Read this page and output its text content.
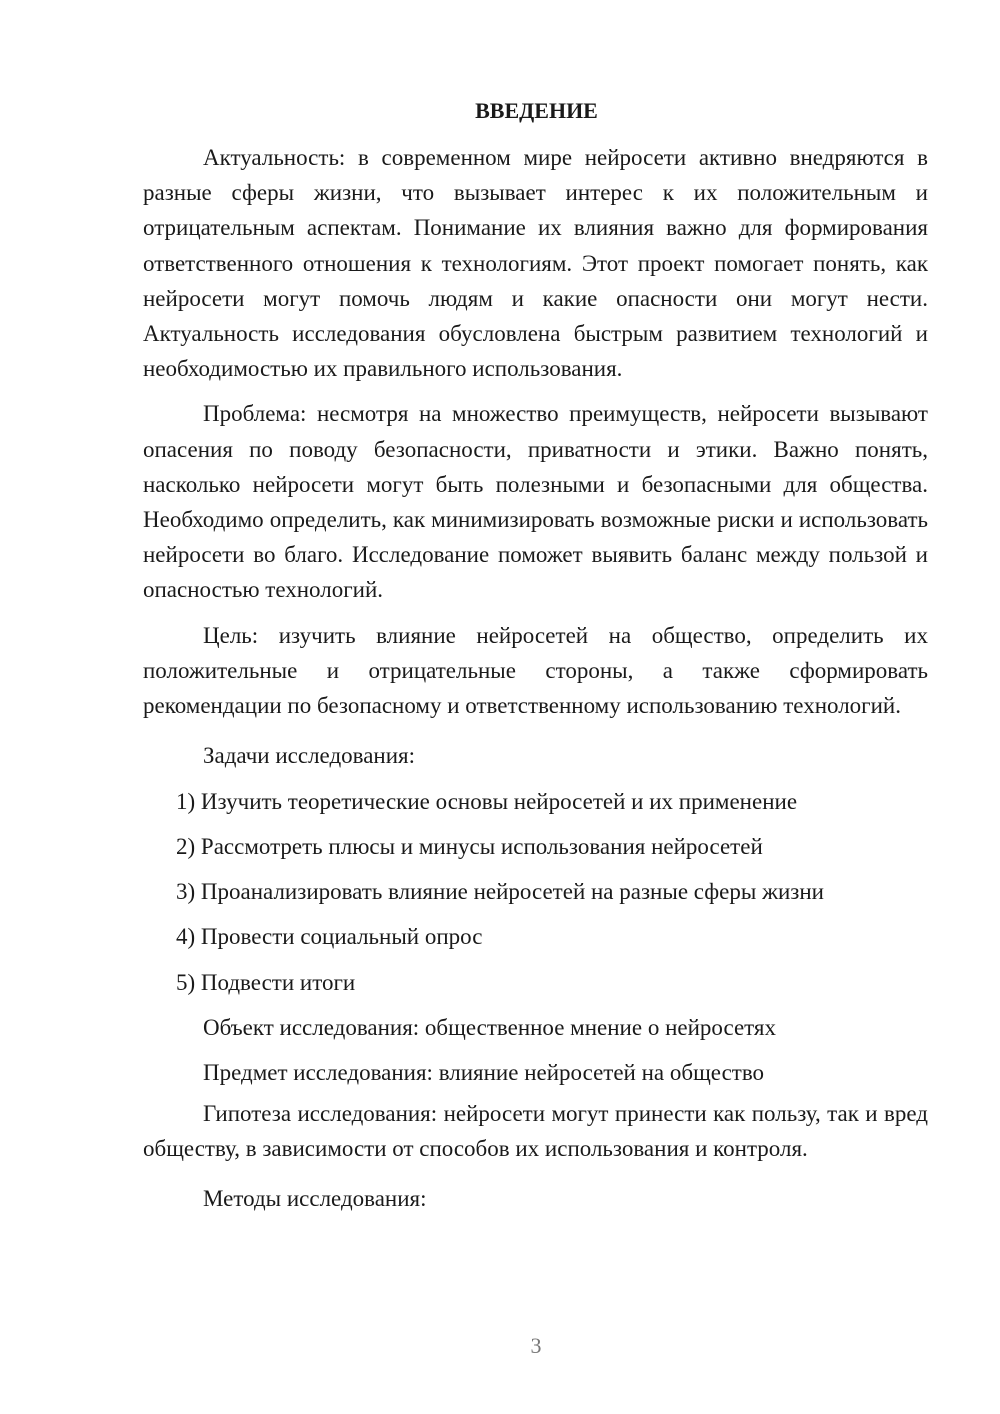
ВВЕДЕНИЕ

Актуальность: в современном мире нейросети активно внедряются в разные сферы жизни, что вызывает интерес к их положительным и отрицательным аспектам. Понимание их влияния важно для формирования ответственного отношения к технологиям. Этот проект помогает понять, как нейросети могут помочь людям и какие опасности они могут нести. Актуальность исследования обусловлена быстрым развитием технологий и необходимостью их правильного использования.

Проблема: несмотря на множество преимуществ, нейросети вызывают опасения по поводу безопасности, приватности и этики. Важно понять, насколько нейросети могут быть полезными и безопасными для общества. Необходимо определить, как минимизировать возможные риски и использовать нейросети во благо. Исследование поможет выявить баланс между пользой и опасностью технологий.

Цель: изучить влияние нейросетей на общество, определить их положительные и отрицательные стороны, а также сформировать рекомендации по безопасному и ответственному использованию технологий.

Задачи исследования:

1) Изучить теоретические основы нейросетей и их применение

2) Рассмотреть плюсы и минусы использования нейросетей

3) Проанализировать влияние нейросетей на разные сферы жизни

4) Провести социальный опрос

5) Подвести итоги

Объект исследования: общественное мнение о нейросетях

Предмет исследования: влияние нейросетей на общество

Гипотеза исследования: нейросети могут принести как пользу, так и вред обществу, в зависимости от способов их использования и контроля.

Методы исследования:

3
